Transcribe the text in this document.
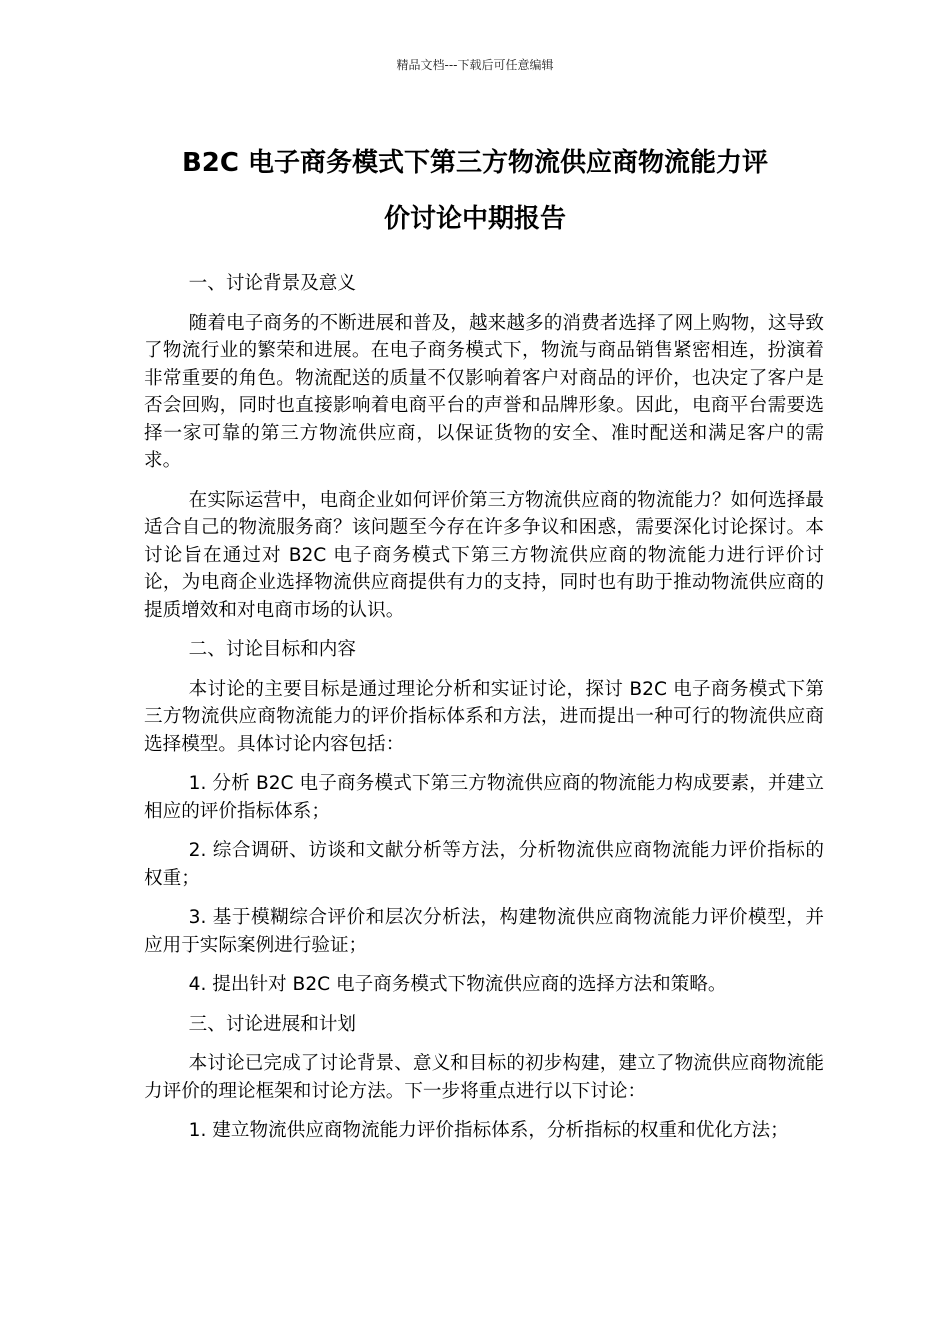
精品文档---下载后可任意编辑
B2C 电子商务模式下第三方物流供应商物流能力评
价讨论中期报告

一、讨论背景及意义

随着电子商务的不断进展和普及，越来越多的消费者选择了网上购物，这导致了物流行业的繁荣和进展。在电子商务模式下，物流与商品销售紧密相连，扮演着非常重要的角色。物流配送的质量不仅影响着客户对商品的评价，也决定了客户是否会回购，同时也直接影响着电商平台的声誉和品牌形象。因此，电商平台需要选择一家可靠的第三方物流供应商，以保证货物的安全、准时配送和满足客户的需求。

在实际运营中，电商企业如何评价第三方物流供应商的物流能力？如何选择最适合自己的物流服务商？该问题至今存在许多争议和困惑，需要深化讨论探讨。本讨论旨在通过对 B2C 电子商务模式下第三方物流供应商的物流能力进行评价讨论，为电商企业选择物流供应商提供有力的支持，同时也有助于推动物流供应商的提质增效和对电商市场的认识。

二、讨论目标和内容

本讨论的主要目标是通过理论分析和实证讨论，探讨 B2C 电子商务模式下第三方物流供应商物流能力的评价指标体系和方法，进而提出一种可行的物流供应商选择模型。具体讨论内容包括：

1. 分析 B2C 电子商务模式下第三方物流供应商的物流能力构成要素，并建立相应的评价指标体系；

2. 综合调研、访谈和文献分析等方法，分析物流供应商物流能力评价指标的权重；

3. 基于模糊综合评价和层次分析法，构建物流供应商物流能力评价模型，并应用于实际案例进行验证；

4. 提出针对 B2C 电子商务模式下物流供应商的选择方法和策略。

三、讨论进展和计划

本讨论已完成了讨论背景、意义和目标的初步构建，建立了物流供应商物流能力评价的理论框架和讨论方法。下一步将重点进行以下讨论：

1. 建立物流供应商物流能力评价指标体系，分析指标的权重和优化方法；
